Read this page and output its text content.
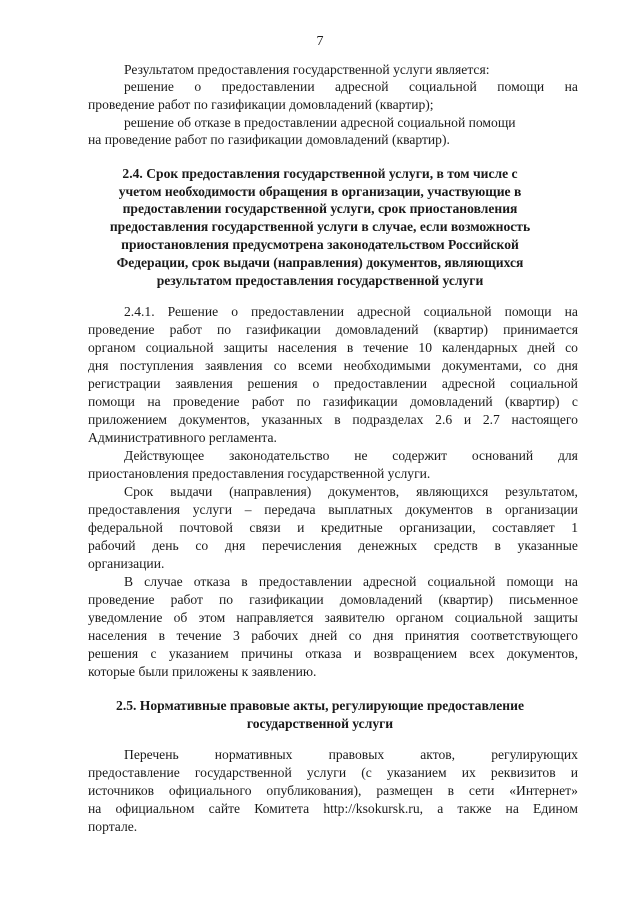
7
Результатом предоставления государственной услуги является:
решение о предоставлении адресной социальной помощи на
проведение работ по газификации домовладений (квартир);
решение об отказе в предоставлении адресной социальной помощи
на проведение работ по газификации домовладений (квартир).
2.4. Срок предоставления государственной услуги, в том числе с
учетом необходимости обращения в организации, участвующие в
предоставлении государственной услуги, срок приостановления
предоставления государственной услуги в случае, если возможность
приостановления предусмотрена законодательством Российской
Федерации, срок выдачи (направления) документов, являющихся
результатом предоставления государственной услуги
2.4.1. Решение о предоставлении адресной социальной помощи на
проведение работ по газификации домовладений (квартир) принимается
органом социальной защиты населения в течение 10 календарных дней со
дня поступления заявления со всеми необходимыми документами, со дня
регистрации заявления решения о предоставлении адресной социальной
помощи на проведение работ по газификации домовладений (квартир) с
приложением документов, указанных в подразделах 2.6 и 2.7 настоящего
Административного регламента.
Действующее законодательство не содержит оснований для
приостановления предоставления государственной услуги.
Срок выдачи (направления) документов, являющихся результатом,
предоставления услуги – передача выплатных документов в организации
федеральной почтовой связи и кредитные организации, составляет 1
рабочий день со дня перечисления денежных средств в указанные
организации.
В случае отказа в предоставлении адресной социальной помощи на
проведение работ по газификации домовладений (квартир) письменное
уведомление об этом направляется заявителю органом социальной защиты
населения в течение 3 рабочих дней со дня принятия соответствующего
решения с указанием причины отказа и возвращением всех документов,
которые были приложены к заявлению.
2.5. Нормативные правовые акты, регулирующие предоставление
государственной услуги
Перечень	нормативных	правовых	актов,	регулирующих
предоставление государственной услуги (с указанием их реквизитов и
источников официального опубликования), размещен в сети «Интернет»
на официальном сайте Комитета http://ksokursk.ru, а также на Едином
портале.
